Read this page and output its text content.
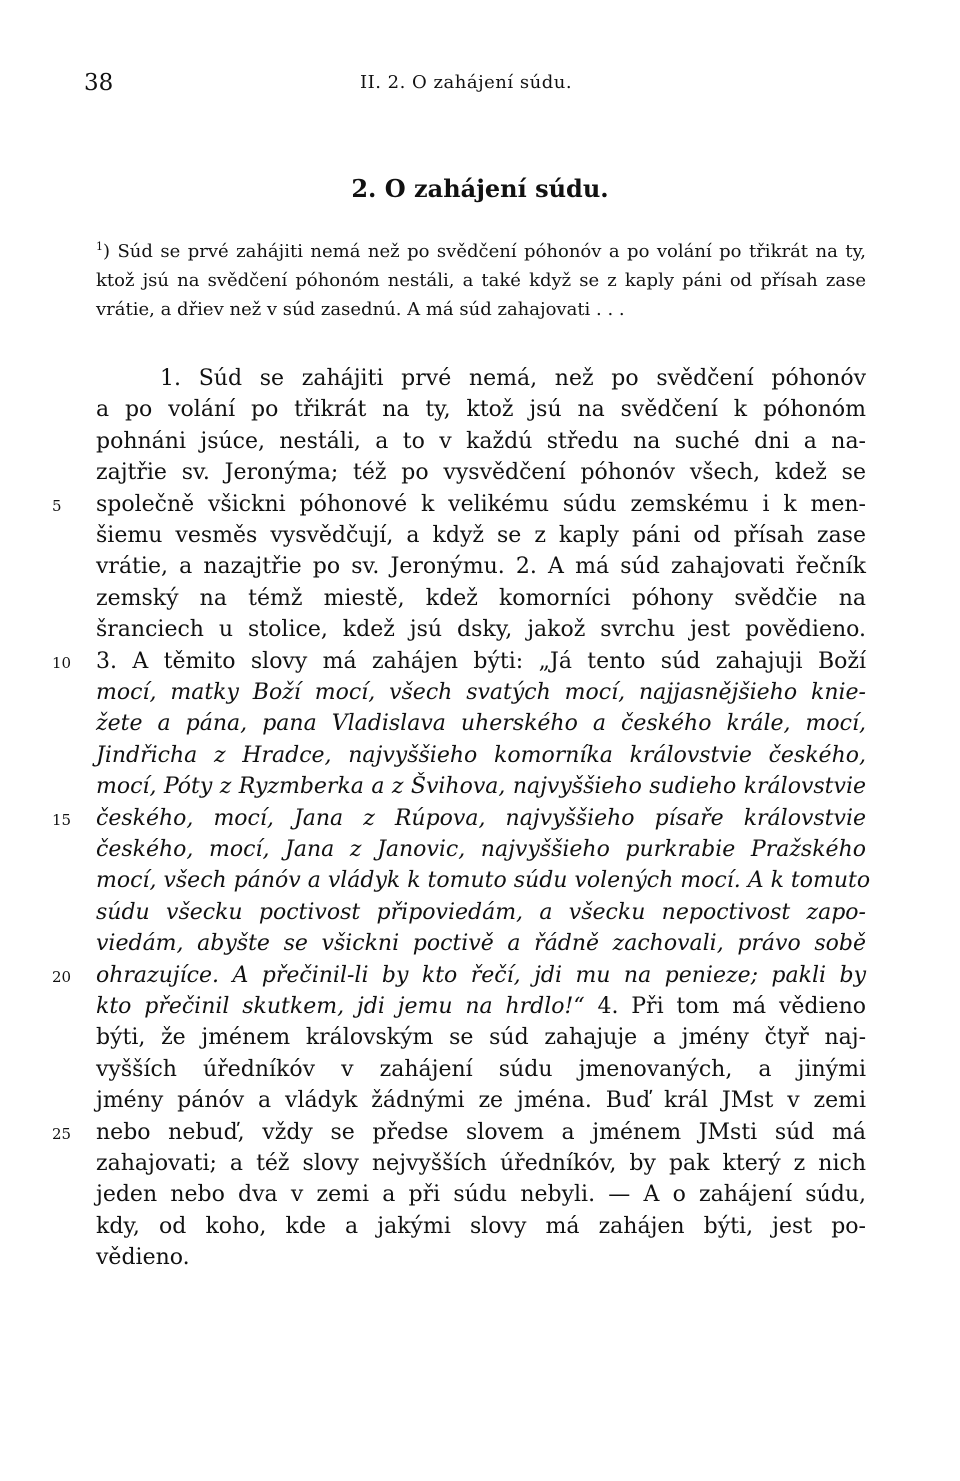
38	II. 2. O zahájení súdu.
2. O zahájení súdu.
$^1$) Súd se prvé zahájiti nemá než po svědčení póhonóv a po volání po třikrát na ty, ktož jsú na svědčení póhonóm nestáli, a také když se z kaply páni od přísah zase vrátie, a dřiev než v súd zasednú. A má súd zahajovati . . .
1. Súd se zahájiti prvé nemá, než po svědčení póhonóv
a po volání po třikrát na ty, ktož jsú na svědčení k póhonóm
pohnáni jsúce, nestáli, a to v každú středu na suché dni a na-
zajtřie sv. Jeronýma; též po vysvědčení póhonóv všech, kdež se
společně všickni póhonové k velikému súdu zemskému i k men-
5
šiemu vesměs vysvědčují, a když se z kaply páni od přísah zase
vrátie, a nazajtřie po sv. Jeronýmu. 2. A má súd zahajovati řečník
zemský na témž miestě, kdež komorníci póhony svědčie na
šranciech u stolice, kdež jsú dsky, jakož svrchu jest povědieno.
3. A těmito slovy má zahájen býti: „Já tento súd zahajuji Boží
10
mocí, matky Boží mocí, všech svatých mocí, najjasnějšieho knie-
žete a pána, pana Vladislava uherského a českého krále, mocí,
Jindřicha z Hradce, najvyššieho komorníka královstvie českého,
mocí, Póty z Ryzmberka a z Švihova, najvyššieho sudieho královstvie
českého, mocí, Jana z Rúpova, najvyššieho písaře královstvie
15
českého, mocí, Jana z Janovic, najvyššieho purkrabie Pražského
mocí, všech pánóv a vládyk k tomuto súdu volených mocí. A k tomuto
súdu všecku poctivost připoviedám, a všecku nepoctivost zapo-
viedám, abyšte se všickni poctivě a řádně zachovali, právo sobě
ohrazujíce. A přečinil-li by kto řečí, jdi mu na penieze; pakli by
20
kto přečinil skutkem, jdi jemu na hrdlo!“ 4. Při tom má vědieno
býti, že jménem královským se súd zahajuje a jmény čtyř naj-
vyšších úředníkóv v zahájení súdu jmenovaných, a jinými
jmény pánóv a vládyk žádnými ze jména. Buď král JMst v zemi
nebo nebuď, vždy se předse slovem a jménem JMsti súd má
25
zahajovati; a též slovy nejvyšších úředníkóv, by pak který z nich
jeden nebo dva v zemi a při súdu nebyli. — A o zahájení súdu,
kdy, od koho, kde a jakými slovy má zahájen býti, jest po-
vědieno.
